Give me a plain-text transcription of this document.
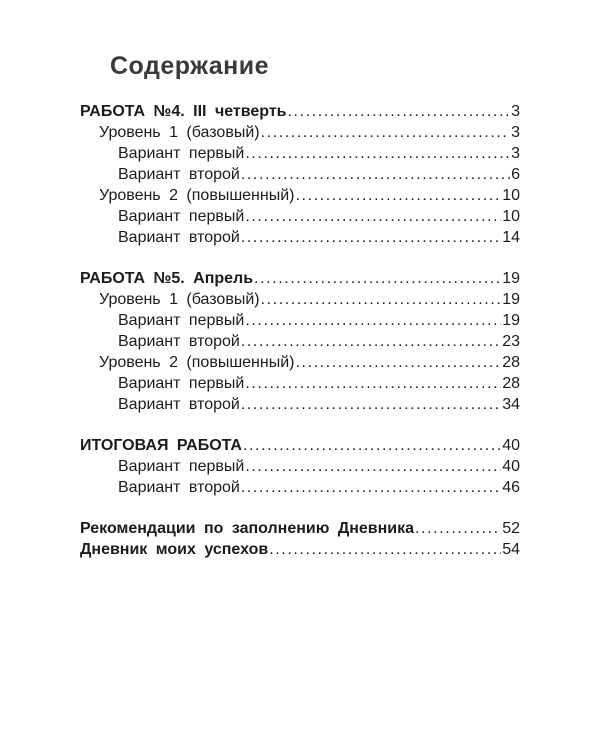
Содержание
РАБОТА №4. III четверть .....	3
Уровень 1 (базовый) .....	3
Вариант первый .....	3
Вариант второй .....	6
Уровень 2 (повышенный) .....	10
Вариант первый .....	10
Вариант второй .....	14
РАБОТА №5. Апрель .....	19
Уровень 1 (базовый) .....	19
Вариант первый .....	19
Вариант второй .....	23
Уровень 2 (повышенный) .....	28
Вариант первый .....	28
Вариант второй .....	34
ИТОГОВАЯ РАБОТА .....	40
Вариант первый .....	40
Вариант второй .....	46
Рекомендации по заполнению Дневника .....	52
Дневник моих успехов .....	54
